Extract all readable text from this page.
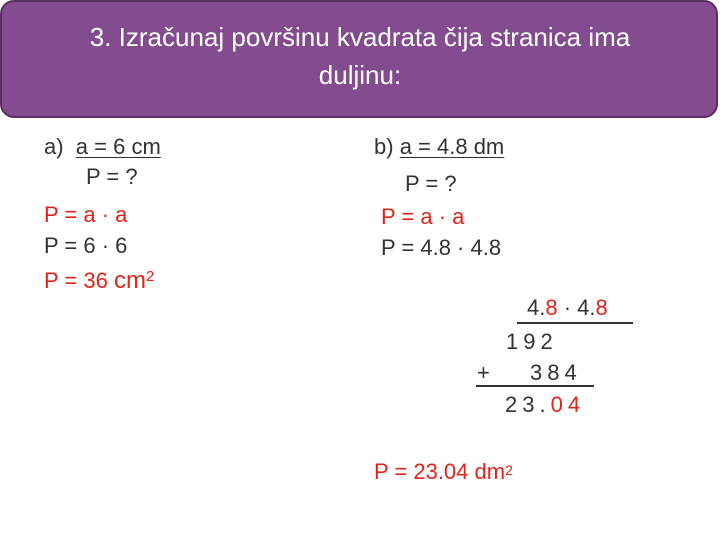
3. Izračunaj površinu kvadrata čija stranica ima
duljinu:
a) a = 6 cm
P = ?
P = a · a
P = 6 · 6
P = 36 $cm^2$
b) a = 4.8 dm
P = ?
P = a · a
P = 4.8 · 4.8
4.8 · 4.8
192
+ 384
23.04
P = 23.04 $dm^2$
